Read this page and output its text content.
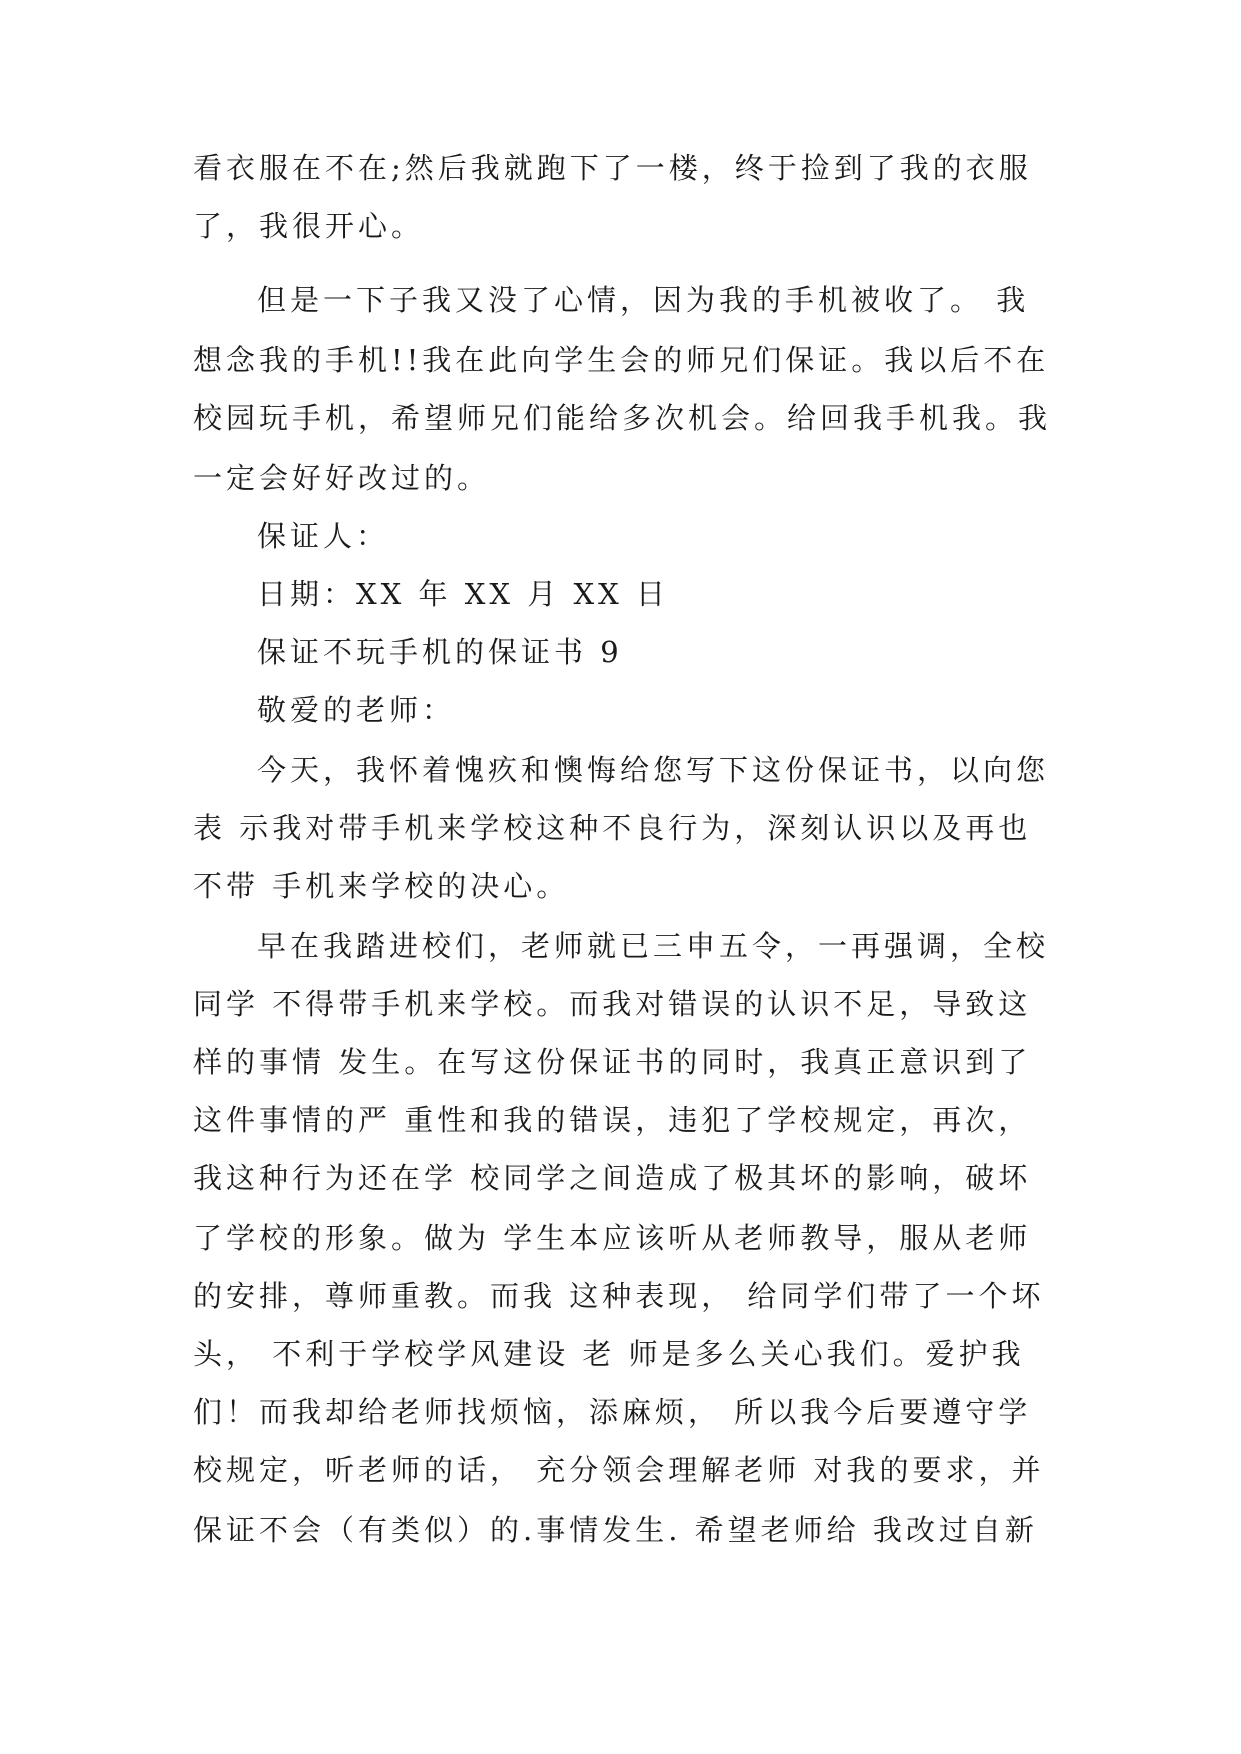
看衣服在不在;然后我就跑下了一楼，终于捡到了我的衣服
了，我很开心。
但是一下子我又没了心情，因为我的手机被收了。 我
想念我的手机!!我在此向学生会的师兄们保证。我以后不在
校园玩手机，希望师兄们能给多次机会。给回我手机我。我
一定会好好改过的。
保证人：
日期：XX 年 XX 月 XX 日
保证不玩手机的保证书 9
敬爱的老师：
今天，我怀着愧疚和懊悔给您写下这份保证书，以向您
表 示我对带手机来学校这种不良行为，深刻认识以及再也
不带 手机来学校的决心。
早在我踏进校们，老师就已三申五令，一再强调，全校
同学 不得带手机来学校。而我对错误的认识不足，导致这
样的事情 发生。在写这份保证书的同时，我真正意识到了
这件事情的严 重性和我的错误，违犯了学校规定，再次，
我这种行为还在学 校同学之间造成了极其坏的影响，破坏
了学校的形象。做为 学生本应该听从老师教导，服从老师
的安排，尊师重教。而我 这种表现， 给同学们带了一个坏
头， 不利于学校学风建设 老 师是多么关心我们。爱护我
们！而我却给老师找烦恼，添麻烦， 所以我今后要遵守学
校规定，听老师的话， 充分领会理解老师 对我的要求，并
保证不会（有类似）的.事情发生. 希望老师给 我改过自新
